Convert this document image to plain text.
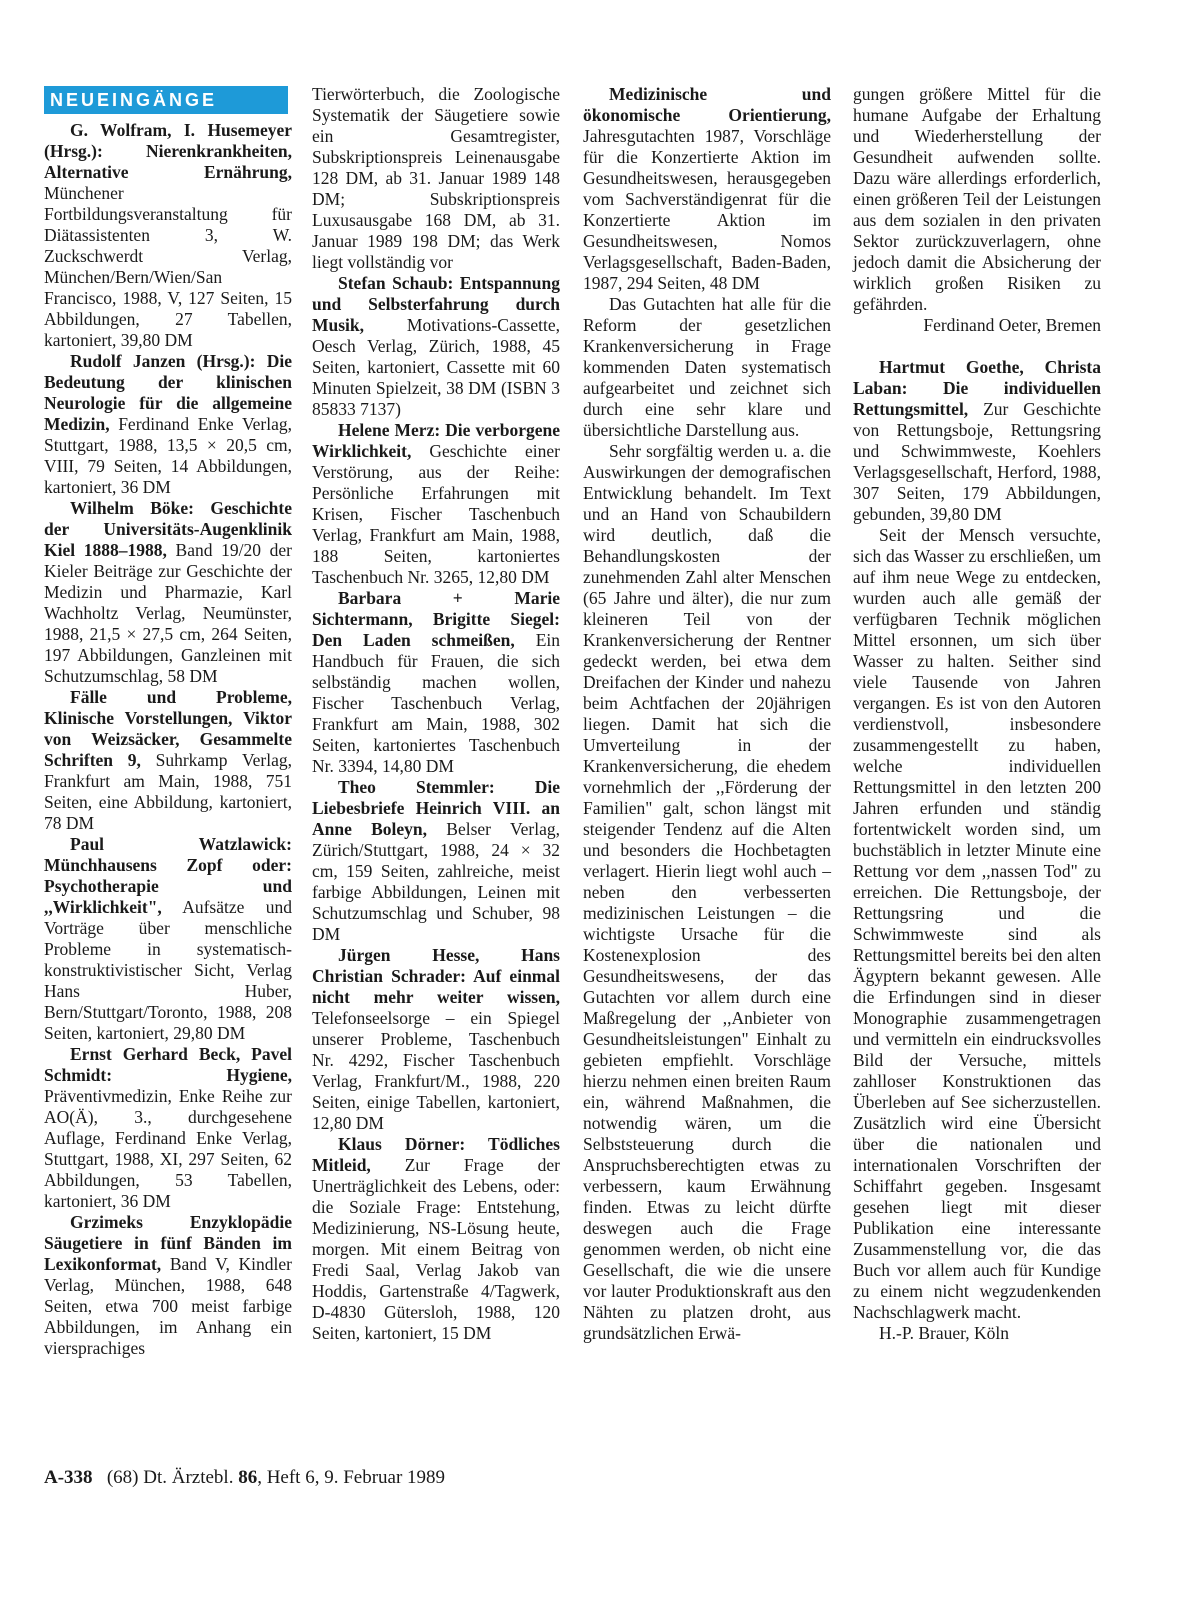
NEUEINGÄNGE

G. Wolfram, I. Husemeyer (Hrsg.): Nierenkrankheiten, Alternative Ernährung, Münchener Fortbildungsveranstaltung für Diätassistenten 3, W. Zuckschwerdt Verlag, München/Bern/Wien/San Francisco, 1988, V, 127 Seiten, 15 Abbildungen, 27 Tabellen, kartoniert, 39,80 DM

Rudolf Janzen (Hrsg.): Die Bedeutung der klinischen Neurologie für die allgemeine Medizin, Ferdinand Enke Verlag, Stuttgart, 1988, 13,5 × 20,5 cm, VIII, 79 Seiten, 14 Abbildungen, kartoniert, 36 DM

Wilhelm Böke: Geschichte der Universitäts-Augenklinik Kiel 1888–1988, Band 19/20 der Kieler Beiträge zur Geschichte der Medizin und Pharmazie, Karl Wachholtz Verlag, Neumünster, 1988, 21,5 × 27,5 cm, 264 Seiten, 197 Abbildungen, Ganzleinen mit Schutzumschlag, 58 DM

Fälle und Probleme, Klinische Vorstellungen, Viktor von Weizsäcker, Gesammelte Schriften 9, Suhrkamp Verlag, Frankfurt am Main, 1988, 751 Seiten, eine Abbildung, kartoniert, 78 DM

Paul Watzlawick: Münchhausens Zopf oder: Psychotherapie und ,,Wirklichkeit", Aufsätze und Vorträge über menschliche Probleme in systematisch-konstruktivistischer Sicht, Verlag Hans Huber, Bern/Stuttgart/Toronto, 1988, 208 Seiten, kartoniert, 29,80 DM

Ernst Gerhard Beck, Pavel Schmidt: Hygiene, Präventivmedizin, Enke Reihe zur AO(Ä), 3., durchgesehene Auflage, Ferdinand Enke Verlag, Stuttgart, 1988, XI, 297 Seiten, 62 Abbildungen, 53 Tabellen, kartoniert, 36 DM

Grzimeks Enzyklopädie Säugetiere in fünf Bänden im Lexikonformat, Band V, Kindler Verlag, München, 1988, 648 Seiten, etwa 700 meist farbige Abbildungen, im Anhang ein viersprachiges

Tierwörterbuch, die Zoologische Systematik der Säugetiere sowie ein Gesamtregister, Subskriptionspreis Leinenausgabe 128 DM, ab 31. Januar 1989 148 DM; Subskriptionspreis Luxusausgabe 168 DM, ab 31. Januar 1989 198 DM; das Werk liegt vollständig vor

Stefan Schaub: Entspannung und Selbsterfahrung durch Musik, Motivations-Cassette, Oesch Verlag, Zürich, 1988, 45 Seiten, kartoniert, Cassette mit 60 Minuten Spielzeit, 38 DM (ISBN 3 85833 7137)

Helene Merz: Die verborgene Wirklichkeit, Geschichte einer Verstörung, aus der Reihe: Persönliche Erfahrungen mit Krisen, Fischer Taschenbuch Verlag, Frankfurt am Main, 1988, 188 Seiten, kartoniertes Taschenbuch Nr. 3265, 12,80 DM

Barbara + Marie Sichtermann, Brigitte Siegel: Den Laden schmeißen, Ein Handbuch für Frauen, die sich selbständig machen wollen, Fischer Taschenbuch Verlag, Frankfurt am Main, 1988, 302 Seiten, kartoniertes Taschenbuch Nr. 3394, 14,80 DM

Theo Stemmler: Die Liebesbriefe Heinrich VIII. an Anne Boleyn, Belser Verlag, Zürich/Stuttgart, 1988, 24 × 32 cm, 159 Seiten, zahlreiche, meist farbige Abbildungen, Leinen mit Schutzumschlag und Schuber, 98 DM

Jürgen Hesse, Hans Christian Schrader: Auf einmal nicht mehr weiter wissen, Telefonseelsorge – ein Spiegel unserer Probleme, Taschenbuch Nr. 4292, Fischer Taschenbuch Verlag, Frankfurt/M., 1988, 220 Seiten, einige Tabellen, kartoniert, 12,80 DM

Klaus Dörner: Tödliches Mitleid, Zur Frage der Unerträglichkeit des Lebens, oder: die Soziale Frage: Entstehung, Medizinierung, NS-Lösung heute, morgen. Mit einem Beitrag von Fredi Saal, Verlag Jakob van Hoddis, Gartenstraße 4/Tagwerk, D-4830 Gütersloh, 1988, 120 Seiten, kartoniert, 15 DM

Medizinische und ökonomische Orientierung, Jahresgutachten 1987, Vorschläge für die Konzertierte Aktion im Gesundheitswesen, herausgegeben vom Sachverständigenrat für die Konzertierte Aktion im Gesundheitswesen, Nomos Verlagsgesellschaft, Baden-Baden, 1987, 294 Seiten, 48 DM

Das Gutachten hat alle für die Reform der gesetzlichen Krankenversicherung in Frage kommenden Daten systematisch aufgearbeitet und zeichnet sich durch eine sehr klare und übersichtliche Darstellung aus.

Sehr sorgfältig werden u. a. die Auswirkungen der demografischen Entwicklung behandelt. Im Text und an Hand von Schaubildern wird deutlich, daß die Behandlungskosten der zunehmenden Zahl alter Menschen (65 Jahre und älter), die nur zum kleineren Teil von der Krankenversicherung der Rentner gedeckt werden, bei etwa dem Dreifachen der Kinder und nahezu beim Achtfachen der 20jährigen liegen. Damit hat sich die Umverteilung in der Krankenversicherung, die ehedem vornehmlich der ,,Förderung der Familien" galt, schon längst mit steigender Tendenz auf die Alten und besonders die Hochbetagten verlagert. Hierin liegt wohl auch – neben den verbesserten medizinischen Leistungen – die wichtigste Ursache für die Kostenexplosion des Gesundheitswesens, der das Gutachten vor allem durch eine Maßregelung der ,,Anbieter von Gesundheitsleistungen" Einhalt zu gebieten empfiehlt. Vorschläge hierzu nehmen einen breiten Raum ein, während Maßnahmen, die notwendig wären, um die Selbststeuerung durch die Anspruchsberechtigten etwas zu verbessern, kaum Erwähnung finden. Etwas zu leicht dürfte deswegen auch die Frage genommen werden, ob nicht eine Gesellschaft, die wie die unsere vor lauter Produktionskraft aus den Nähten zu platzen droht, aus grundsätzlichen Erwä-

gungen größere Mittel für die humane Aufgabe der Erhaltung und Wiederherstellung der Gesundheit aufwenden sollte. Dazu wäre allerdings erforderlich, einen größeren Teil der Leistungen aus dem sozialen in den privaten Sektor zurückzuverlagern, ohne jedoch damit die Absicherung der wirklich großen Risiken zu gefährden.

Ferdinand Oeter, Bremen

Hartmut Goethe, Christa Laban: Die individuellen Rettungsmittel, Zur Geschichte von Rettungsboje, Rettungsring und Schwimmweste, Koehlers Verlagsgesellschaft, Herford, 1988, 307 Seiten, 179 Abbildungen, gebunden, 39,80 DM

Seit der Mensch versuchte, sich das Wasser zu erschließen, um auf ihm neue Wege zu entdecken, wurden auch alle gemäß der verfügbaren Technik möglichen Mittel ersonnen, um sich über Wasser zu halten. Seither sind viele Tausende von Jahren vergangen. Es ist von den Autoren verdienstvoll, insbesondere zusammengestellt zu haben, welche individuellen Rettungsmittel in den letzten 200 Jahren erfunden und ständig fortentwickelt worden sind, um buchstäblich in letzter Minute eine Rettung vor dem ,,nassen Tod" zu erreichen. Die Rettungsboje, der Rettungsring und die Schwimmweste sind als Rettungsmittel bereits bei den alten Ägyptern bekannt gewesen. Alle die Erfindungen sind in dieser Monographie zusammengetragen und vermitteln ein eindrucksvolles Bild der Versuche, mittels zahlloser Konstruktionen das Überleben auf See sicherzustellen. Zusätzlich wird eine Übersicht über die nationalen und internationalen Vorschriften der Schiffahrt gegeben. Insgesamt gesehen liegt mit dieser Publikation eine interessante Zusammenstellung vor, die das Buch vor allem auch für Kundige zu einem nicht wegzudenkenden Nachschlagwerk macht.

H.-P. Brauer, Köln

A-338 (68) Dt. Ärztebl. 86, Heft 6, 9. Februar 1989
